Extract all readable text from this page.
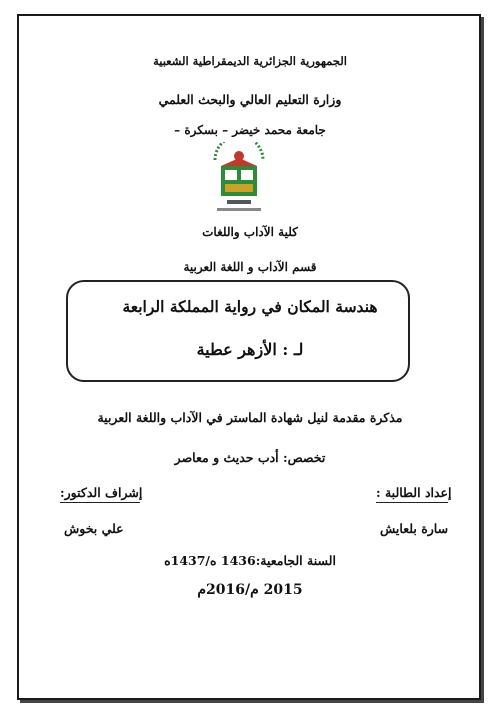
الجمهورية الجزائرية الديمقراطية الشعبية
وزارة التعليم العالي والبحث العلمي
جامعة محمد خيضر – بسكرة –
كلية الآداب واللغات
قسم الآداب و اللغة العربية
هندسة المكان في رواية المملكة الرابعة
لـ : الأزهر عطية
مذكرة مقدمة لنيل شهادة الماستر في الآداب واللغة العربية
تخصص: أدب حديث و معاصر
إعداد الطالبة :
إشراف الدكتور:
سارة بلعايش
علي بخوش
السنة الجامعية:1436 ه/1437ه
2015 م/2016م
